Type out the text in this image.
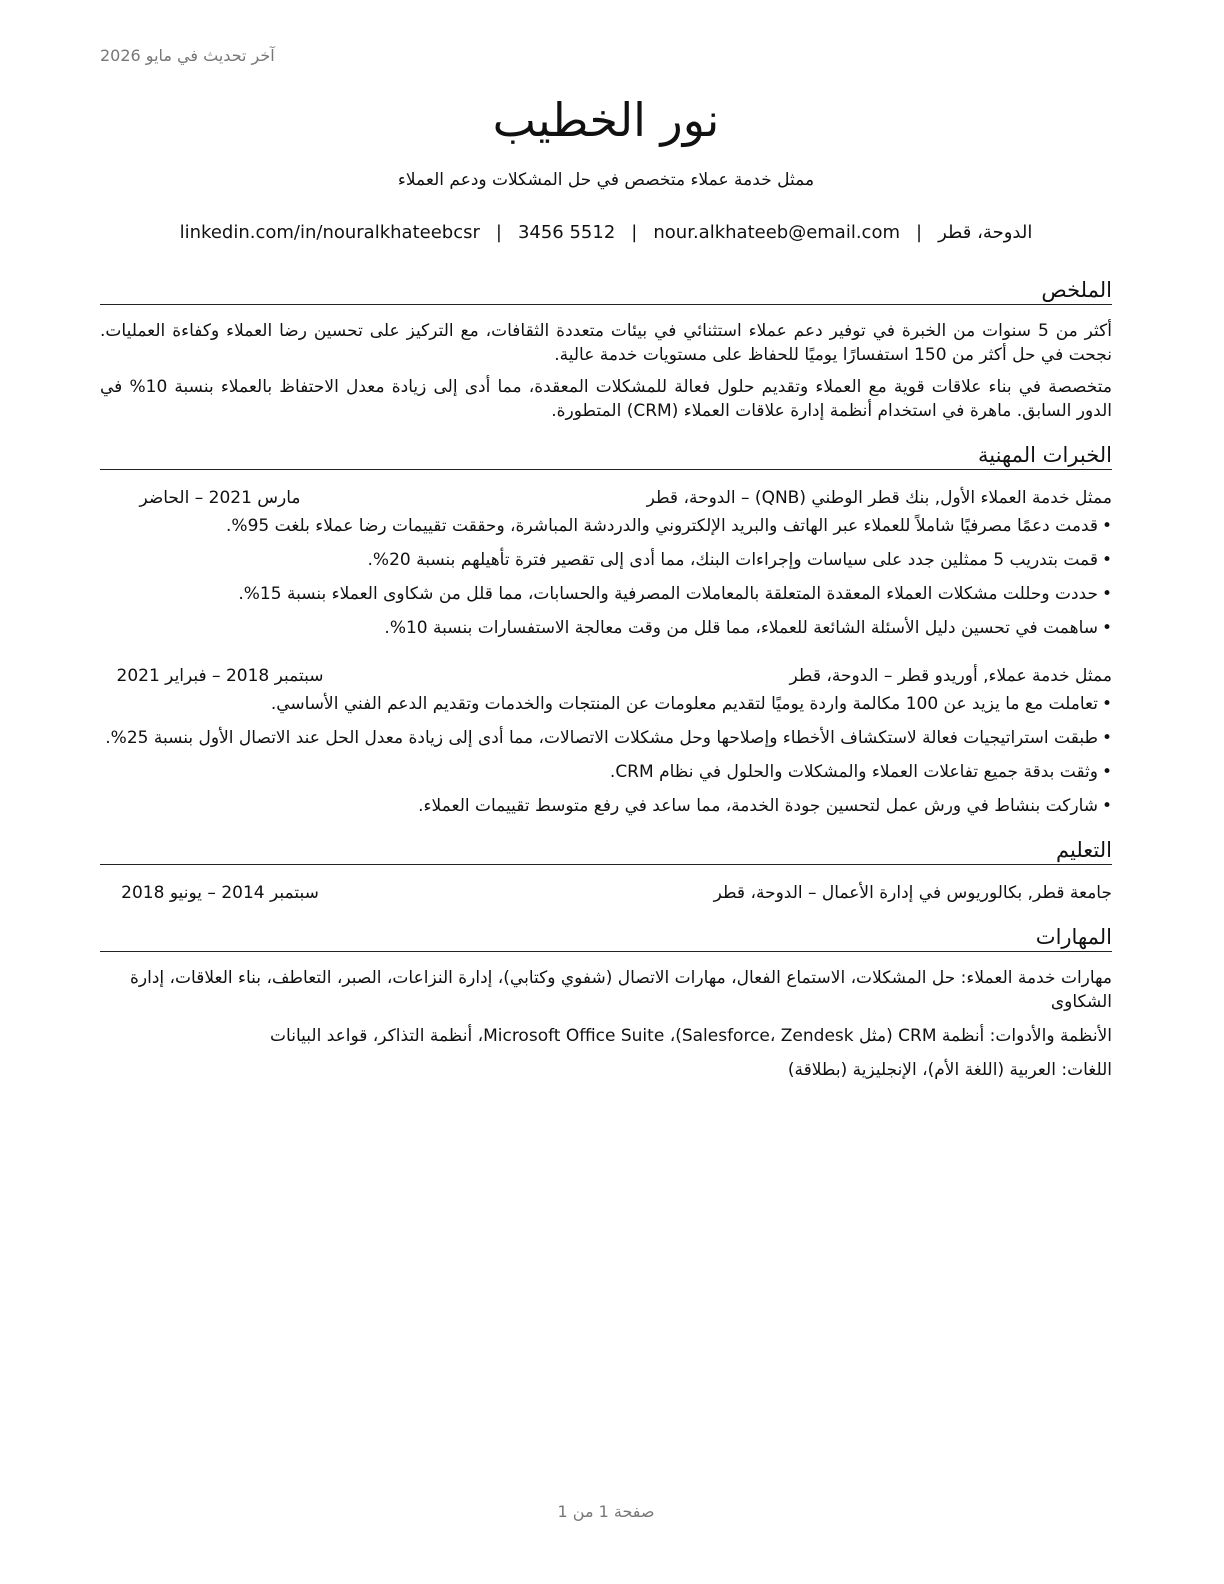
آخر تحديث في مايو 2026
نور الخطيب
ممثل خدمة عملاء متخصص في حل المشكلات ودعم العملاء
الدوحة، قطر|nour.alkhateeb@email.com|3456 5512|linkedin.com/in/nouralkhateebcsr
الملخص

أكثر من 5 سنوات من الخبرة في توفير دعم عملاء استثنائي في بيئات متعددة الثقافات، مع التركيز على تحسين رضا العملاء وكفاءة العمليات. نجحت في حل أكثر من 150 استفسارًا يوميًا للحفاظ على مستويات خدمة عالية.

متخصصة في بناء علاقات قوية مع العملاء وتقديم حلول فعالة للمشكلات المعقدة، مما أدى إلى زيادة معدل الاحتفاظ بالعملاء بنسبة 10% في الدور السابق. ماهرة في استخدام أنظمة إدارة علاقات العملاء (CRM) المتطورة.

الخبرات المهنية
ممثل خدمة العملاء الأول, بنك قطر الوطني (QNB) – الدوحة، قطر
مارس 2021 – الحاضر
• قدمت دعمًا مصرفيًا شاملاً للعملاء عبر الهاتف والبريد الإلكتروني والدردشة المباشرة، وحققت تقييمات رضا عملاء بلغت 95%.
• قمت بتدريب 5 ممثلين جدد على سياسات وإجراءات البنك، مما أدى إلى تقصير فترة تأهيلهم بنسبة 20%.
• حددت وحللت مشكلات العملاء المعقدة المتعلقة بالمعاملات المصرفية والحسابات، مما قلل من شكاوى العملاء بنسبة 15%.
• ساهمت في تحسين دليل الأسئلة الشائعة للعملاء، مما قلل من وقت معالجة الاستفسارات بنسبة 10%.
ممثل خدمة عملاء, أوريدو قطر – الدوحة، قطر
سبتمبر 2018 – فبراير 2021
• تعاملت مع ما يزيد عن 100 مكالمة واردة يوميًا لتقديم معلومات عن المنتجات والخدمات وتقديم الدعم الفني الأساسي.
• طبقت استراتيجيات فعالة لاستكشاف الأخطاء وإصلاحها وحل مشكلات الاتصالات، مما أدى إلى زيادة معدل الحل عند الاتصال الأول بنسبة 25%.
• وثقت بدقة جميع تفاعلات العملاء والمشكلات والحلول في نظام CRM.
• شاركت بنشاط في ورش عمل لتحسين جودة الخدمة، مما ساعد في رفع متوسط تقييمات العملاء.
التعليم
جامعة قطر, بكالوريوس في إدارة الأعمال – الدوحة، قطر
سبتمبر 2014 – يونيو 2018
المهارات

مهارات خدمة العملاء: حل المشكلات، الاستماع الفعال، مهارات الاتصال (شفوي وكتابي)، إدارة النزاعات، الصبر، التعاطف، بناء العلاقات، إدارة الشكاوى

الأنظمة والأدوات: أنظمة CRM (مثل Salesforce، Zendesk)، Microsoft Office Suite، أنظمة التذاكر، قواعد البيانات

اللغات: العربية (اللغة الأم)، الإنجليزية (بطلاقة)

صفحة 1 من 1
